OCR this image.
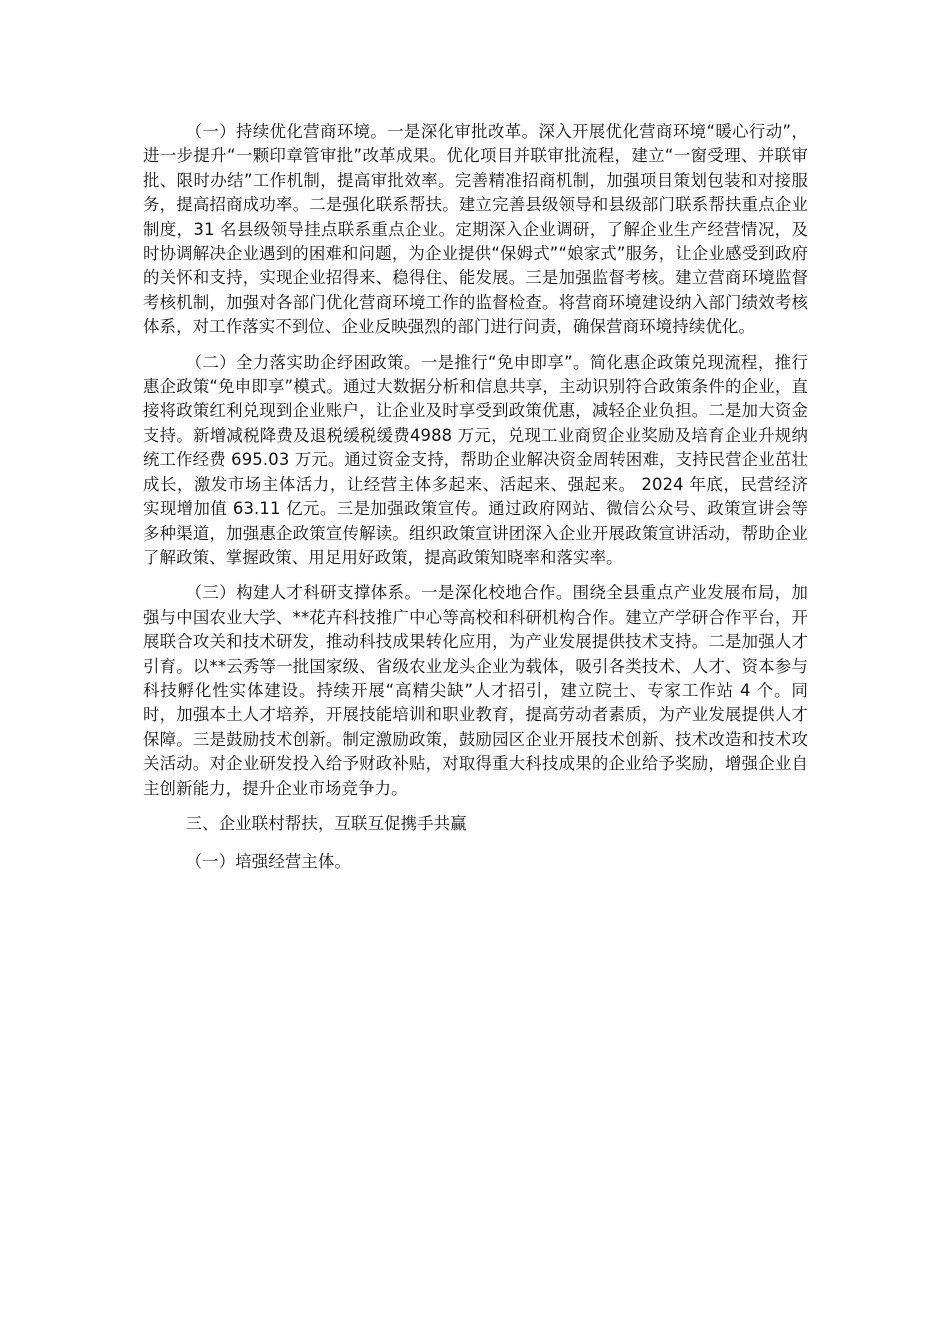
（一）持续优化营商环境。一是深化审批改革。深入开展优化营商环境“暖心行动”，进一步提升“一颗印章管审批”改革成果。优化项目并联审批流程，建立“一窗受理、并联审批、限时办结”工作机制，提高审批效率。完善精准招商机制，加强项目策划包装和对接服务，提高招商成功率。二是强化联系帮扶。建立完善县级领导和县级部门联系帮扶重点企业制度，31 名县级领导挂点联系重点企业。定期深入企业调研，了解企业生产经营情况，及时协调解决企业遇到的困难和问题，为企业提供“保姆式”“娘家式”服务，让企业感受到政府的关怀和支持，实现企业招得来、稳得住、能发展。三是加强监督考核。建立营商环境监督考核机制，加强对各部门优化营商环境工作的监督检查。将营商环境建设纳入部门绩效考核体系，对工作落实不到位、企业反映强烈的部门进行问责，确保营商环境持续优化。

（二）全力落实助企纾困政策。一是推行“免申即享”。简化惠企政策兑现流程，推行惠企政策“免申即享”模式。通过大数据分析和信息共享，主动识别符合政策条件的企业，直接将政策红利兑现到企业账户，让企业及时享受到政策优惠，减轻企业负担。二是加大资金支持。新增减税降费及退税缓税缓费4988 万元，兑现工业商贸企业奖励及培育企业升规纳统工作经费 695.03 万元。通过资金支持，帮助企业解决资金周转困难，支持民营企业茁壮成长，激发市场主体活力，让经营主体多起来、活起来、强起来。 2024 年底，民营经济实现增加值 63.11 亿元。三是加强政策宣传。通过政府网站、微信公众号、政策宣讲会等多种渠道，加强惠企政策宣传解读。组织政策宣讲团深入企业开展政策宣讲活动，帮助企业了解政策、掌握政策、用足用好政策，提高政策知晓率和落实率。

（三）构建人才科研支撑体系。一是深化校地合作。围绕全县重点产业发展布局，加强与中国农业大学、**花卉科技推广中心等高校和科研机构合作。建立产学研合作平台，开展联合攻关和技术研发，推动科技成果转化应用，为产业发展提供技术支持。二是加强人才引育。以**云秀等一批国家级、省级农业龙头企业为载体，吸引各类技术、人才、资本参与科技孵化性实体建设。持续开展“高精尖缺”人才招引，建立院士、专家工作站 4 个。同时，加强本土人才培养，开展技能培训和职业教育，提高劳动者素质，为产业发展提供人才保障。三是鼓励技术创新。制定激励政策，鼓励园区企业开展技术创新、技术改造和技术攻关活动。对企业研发投入给予财政补贴，对取得重大科技成果的企业给予奖励，增强企业自主创新能力，提升企业市场竞争力。

三、企业联村帮扶，互联互促携手共赢

（一）培强经营主体。
